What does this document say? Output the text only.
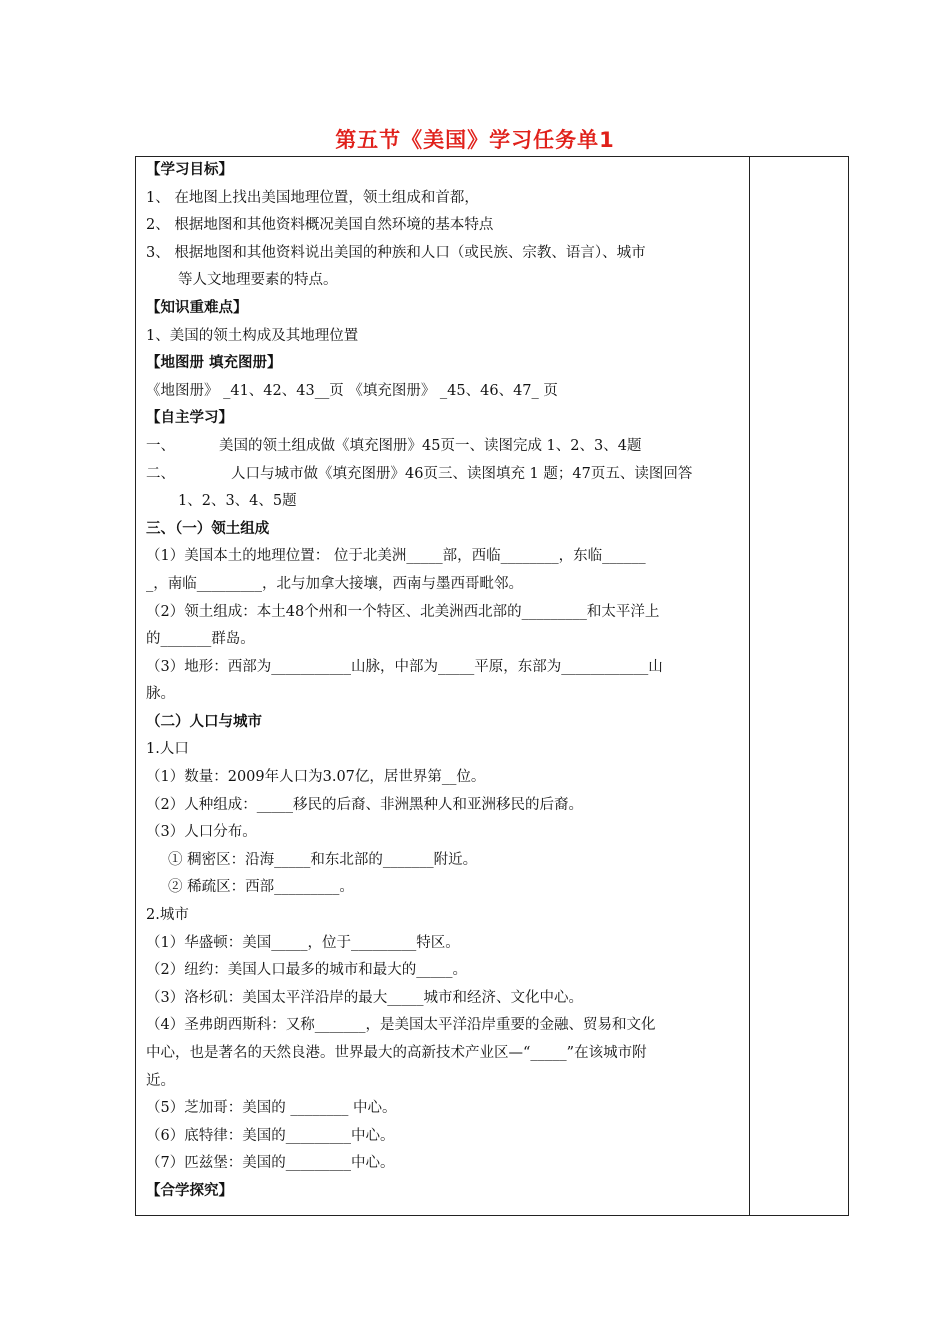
第五节《美国》学习任务单1
【学习目标】
1、 在地图上找出美国地理位置，领土组成和首都，
2、 根据地图和其他资料概况美国自然环境的基本特点
3、 根据地图和其他资料说出美国的种族和人口（或民族、宗教、语言）、城市
等人文地理要素的特点。
【知识重难点】
1、美国的领土构成及其地理位置
【地图册 填充图册】
《地图册》 _41、42、43__页 《填充图册》 _45、46、47_ 页
【自主学习】
一、	美国的领土组成做《填充图册》45页一、读图完成 1、2、3、4题
二、	人口与城市做《填充图册》46页三、读图填充 1 题；47页五、读图回答
1、2、3、4、5题
三、（一）领土组成
（1）美国本土的地理位置： 位于北美洲_____部，西临________，东临______
_，南临_________，北与加拿大接壤，西南与墨西哥毗邻。
（2）领土组成：本土48个州和一个特区、北美洲西北部的_________和太平洋上
的_______群岛。
（3）地形：西部为___________山脉，中部为_____平原，东部为____________山
脉。
（二）人口与城市
1.人口
（1）数量：2009年人口为3.07亿，居世界第__位。
（2）人种组成：_____移民的后裔、非洲黑种人和亚洲移民的后裔。
（3）人口分布。
① 稠密区：沿海_____和东北部的_______附近。
② 稀疏区：西部_________。
2.城市
（1）华盛顿：美国_____，位于_________特区。
（2）纽约：美国人口最多的城市和最大的_____。
（3）洛杉矶：美国太平洋沿岸的最大_____城市和经济、文化中心。
（4）圣弗朗西斯科：又称_______，是美国太平洋沿岸重要的金融、贸易和文化
中心，也是著名的天然良港。世界最大的高新技术产业区—“_____”在该城市附
近。
（5）芝加哥：美国的 ________ 中心。
（6）底特律：美国的_________中心。
（7）匹兹堡：美国的_________中心。
【合学探究】
